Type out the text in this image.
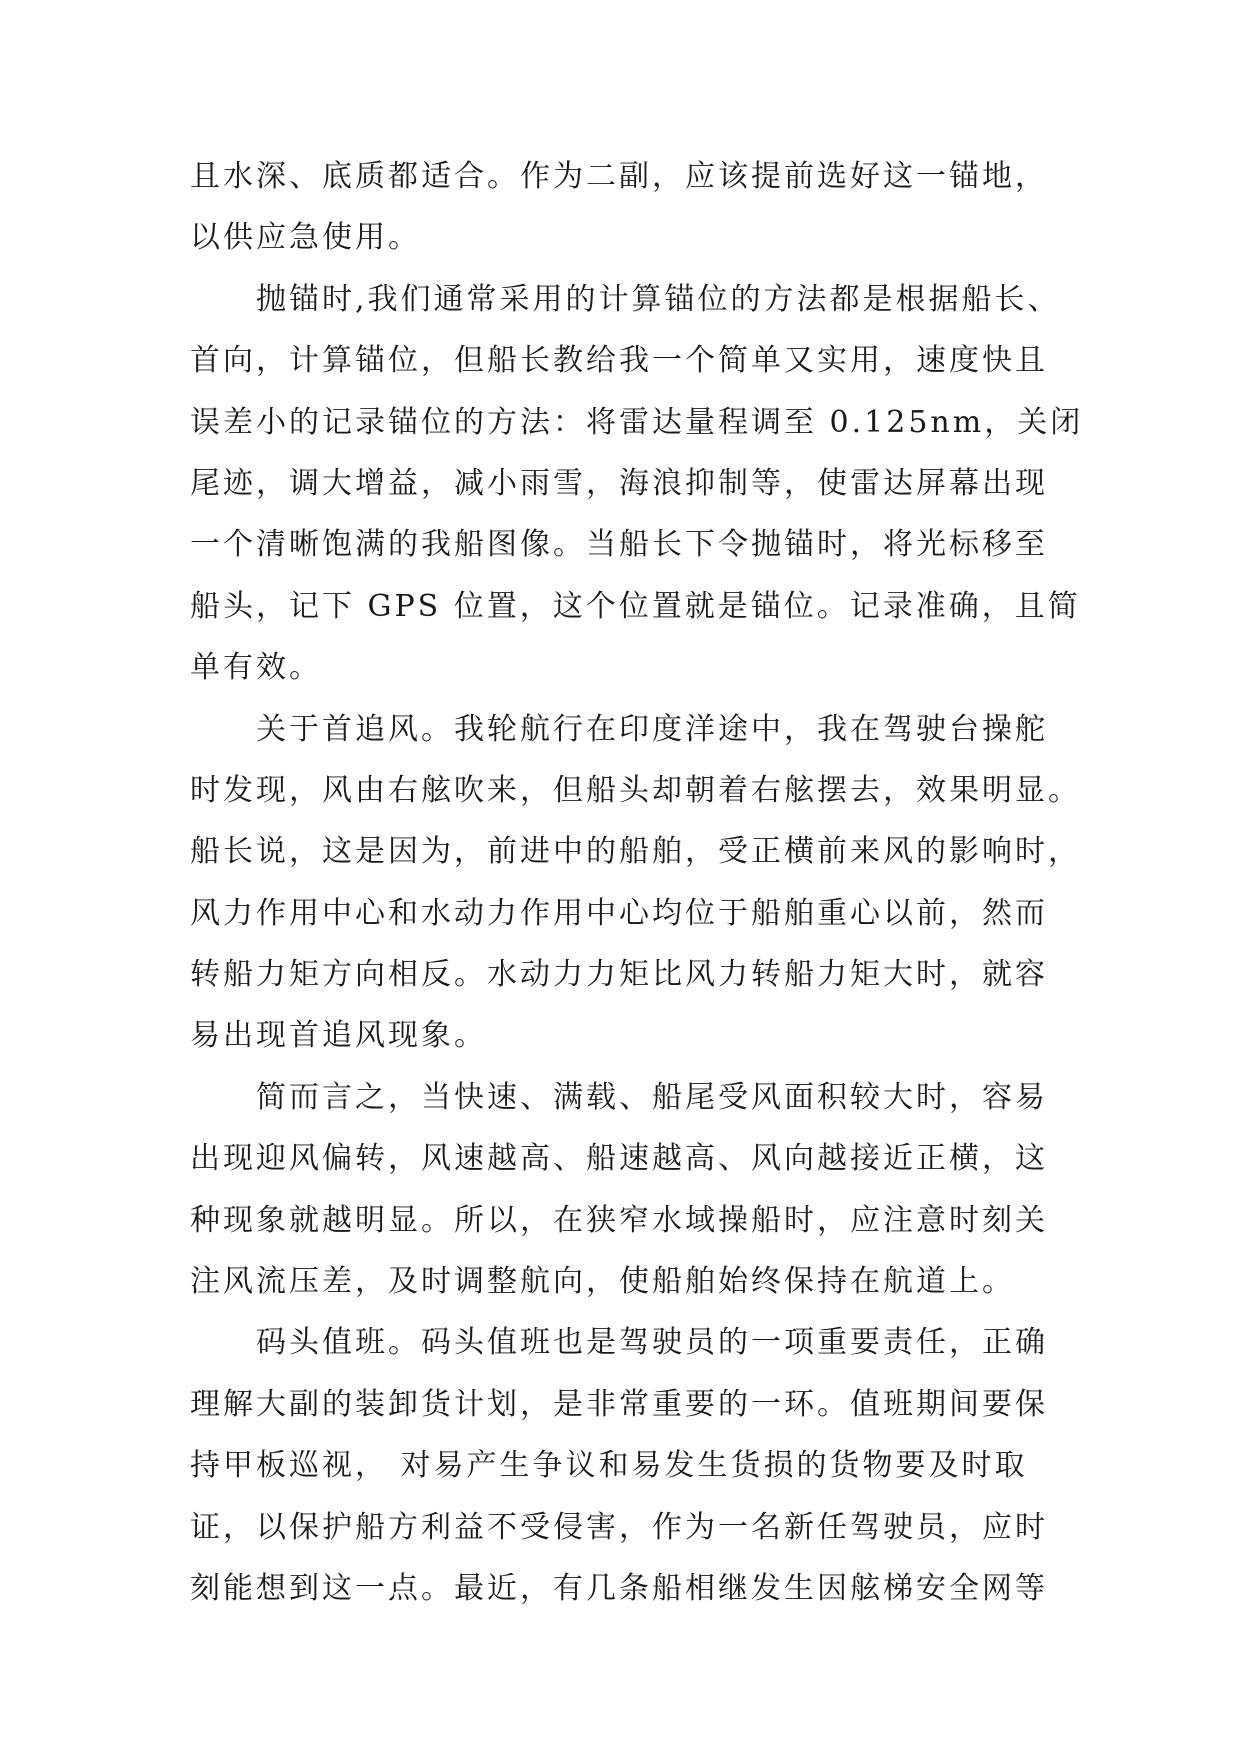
且水深、底质都适合。作为二副，应该提前选好这一锚地，
以供应急使用。
抛锚时,我们通常采用的计算锚位的方法都是根据船长、
首向，计算锚位，但船长教给我一个简单又实用，速度快且
误差小的记录锚位的方法：将雷达量程调至 0.125nm，关闭
尾迹，调大增益，减小雨雪，海浪抑制等，使雷达屏幕出现
一个清晰饱满的我船图像。当船长下令抛锚时，将光标移至
船头，记下 GPS 位置，这个位置就是锚位。记录准确，且简
单有效。
关于首追风。我轮航行在印度洋途中，我在驾驶台操舵
时发现，风由右舷吹来，但船头却朝着右舷摆去，效果明显。
船长说，这是因为，前进中的船舶，受正横前来风的影响时，
风力作用中心和水动力作用中心均位于船舶重心以前，然而
转船力矩方向相反。水动力力矩比风力转船力矩大时，就容
易出现首追风现象。
简而言之，当快速、满载、船尾受风面积较大时，容易
出现迎风偏转，风速越高、船速越高、风向越接近正横，这
种现象就越明显。所以，在狭窄水域操船时，应注意时刻关
注风流压差，及时调整航向，使船舶始终保持在航道上。
码头值班。码头值班也是驾驶员的一项重要责任，正确
理解大副的装卸货计划，是非常重要的一环。值班期间要保
持甲板巡视， 对易产生争议和易发生货损的货物要及时取
证，以保护船方利益不受侵害，作为一名新任驾驶员，应时
刻能想到这一点。最近，有几条船相继发生因舷梯安全网等
